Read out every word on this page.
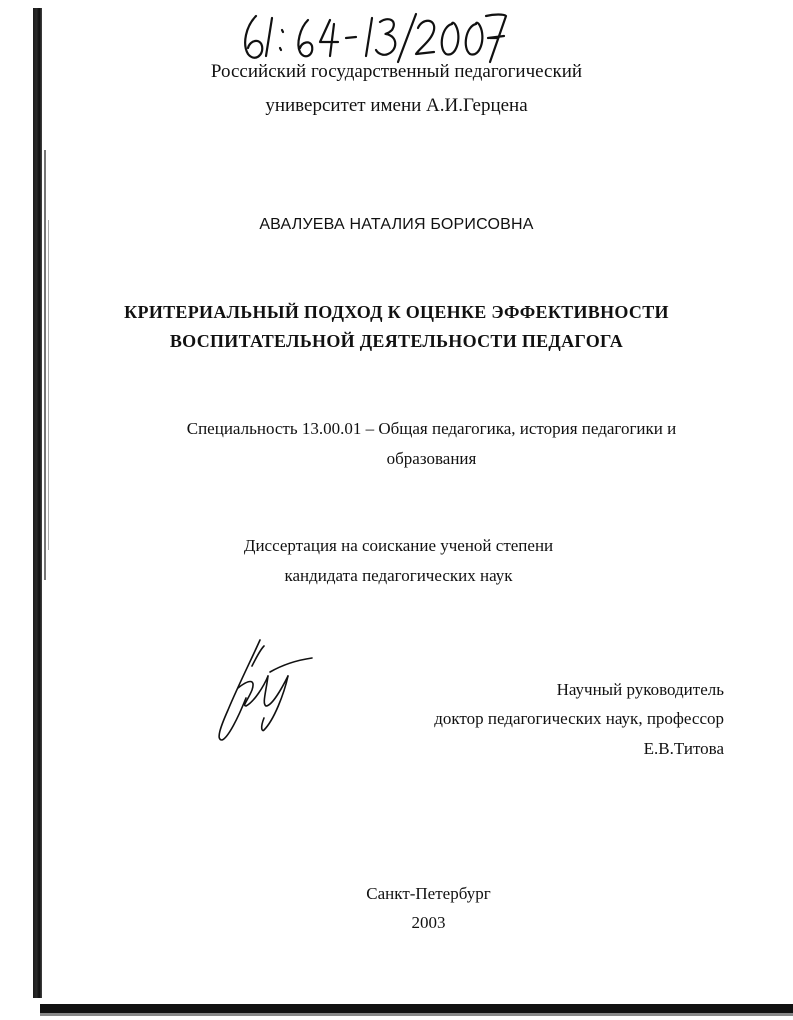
Российский государственный педагогический
университет имени А.И.Герцена
АВАЛУЕВА НАТАЛИЯ БОРИСОВНА
КРИТЕРИАЛЬНЫЙ ПОДХОД К ОЦЕНКЕ ЭФФЕКТИВНОСТИ
ВОСПИТАТЕЛЬНОЙ ДЕЯТЕЛЬНОСТИ ПЕДАГОГА
Специальность 13.00.01 – Общая педагогика, история педагогики и
образования
Диссертация на соискание ученой степени
кандидата педагогических наук
Научный руководитель
доктор педагогических наук, профессор
Е.В.Титова
Санкт-Петербург
2003
